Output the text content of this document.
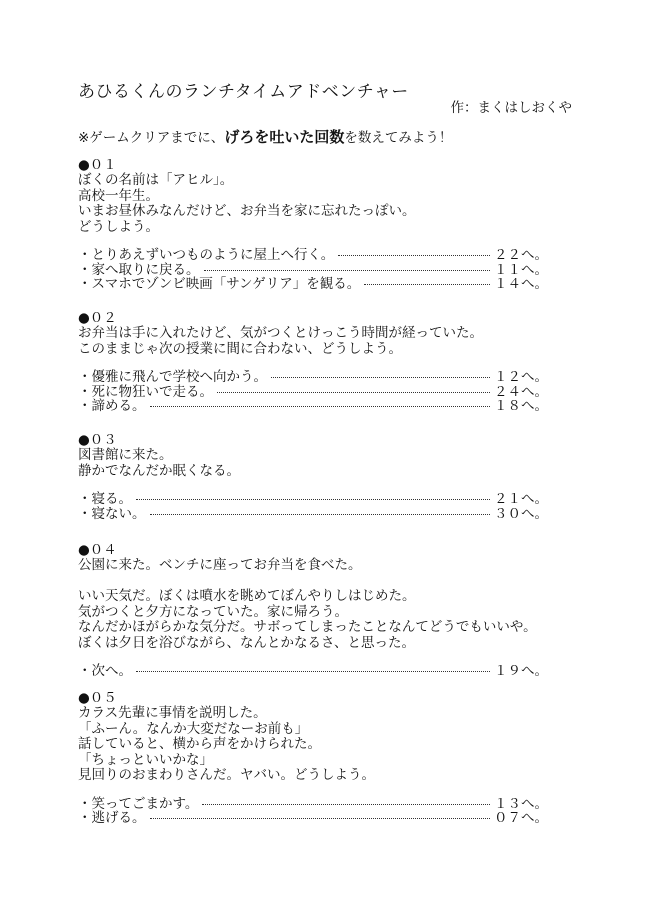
あひるくんのランチタイムアドベンチャー
作：まくはしおくや
※ゲームクリアまでに、げろを吐いた回数を数えてみよう！
●０１
ぼくの名前は「アヒル」。
高校一年生。
いまお昼休みなんだけど、お弁当を家に忘れたっぽい。
どうしよう。
・とりあえずいつものように屋上へ行く。	２２へ。
・家へ取りに戻る。	１１へ。
・スマホでゾンビ映画「サンゲリア」を観る。	１４へ。
●０２
お弁当は手に入れたけど、気がつくとけっこう時間が経っていた。
このままじゃ次の授業に間に合わない、どうしよう。
・優雅に飛んで学校へ向かう。	１２へ。
・死に物狂いで走る。	２４へ。
・諦める。	１８へ。
●０３
図書館に来た。
静かでなんだか眠くなる。
・寝る。	２１へ。
・寝ない。	３０へ。
●０４
公園に来た。ベンチに座ってお弁当を食べた。
いい天気だ。ぼくは噴水を眺めてぼんやりしはじめた。
気がつくと夕方になっていた。家に帰ろう。
なんだかほがらかな気分だ。サボってしまったことなんてどうでもいいや。
ぼくは夕日を浴びながら、なんとかなるさ、と思った。
・次へ。	１９へ。
●０５
カラス先輩に事情を説明した。
「ふーん。なんか大変だなーお前も」
話していると、横から声をかけられた。
「ちょっといいかな」
見回りのおまわりさんだ。ヤバい。どうしよう。
・笑ってごまかす。	１３へ。
・逃げる。	０７へ。
